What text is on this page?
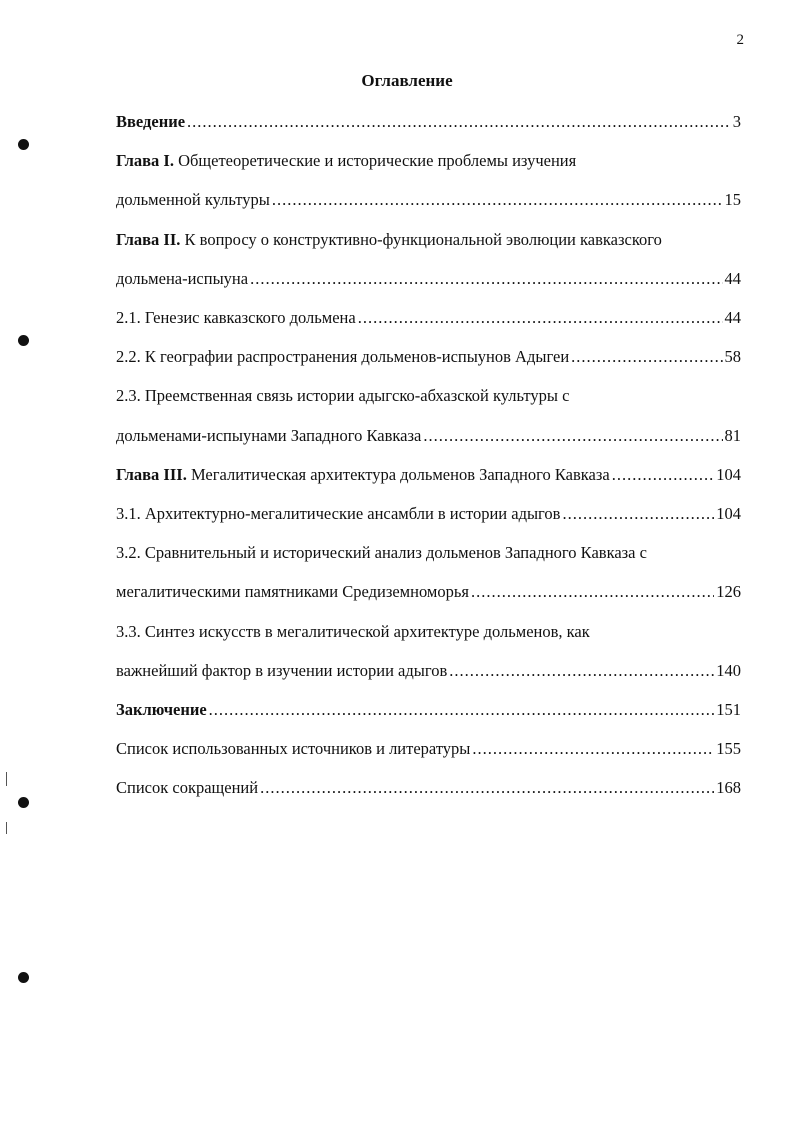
2
Оглавление
Введение .....	3
Глава I. Общетеоретические и исторические проблемы изучения
дольменной культуры .....	15
Глава II. К вопросу о конструктивно-функциональной эволюции кавказского
дольмена-испыуна .....	44
2.1. Генезис кавказского дольмена .....	44
2.2. К географии распространения дольменов-испыунов Адыгеи .....	58
2.3. Преемственная связь истории адыгско-абхазской культуры с
дольменами-испыунами Западного Кавказа .....	81
Глава III. Мегалитическая архитектура дольменов Западного Кавказа .....	104
3.1. Архитектурно-мегалитические ансамбли в истории адыгов .....	104
3.2. Сравнительный и исторический анализ дольменов Западного Кавказа с
мегалитическими памятниками Средиземноморья .....	126
3.3. Синтез искусств в мегалитической архитектуре дольменов, как
важнейший фактор в изучении истории адыгов .....	140
Заключение .....	151
Список использованных источников и литературы .....	155
Список сокращений .....	168
